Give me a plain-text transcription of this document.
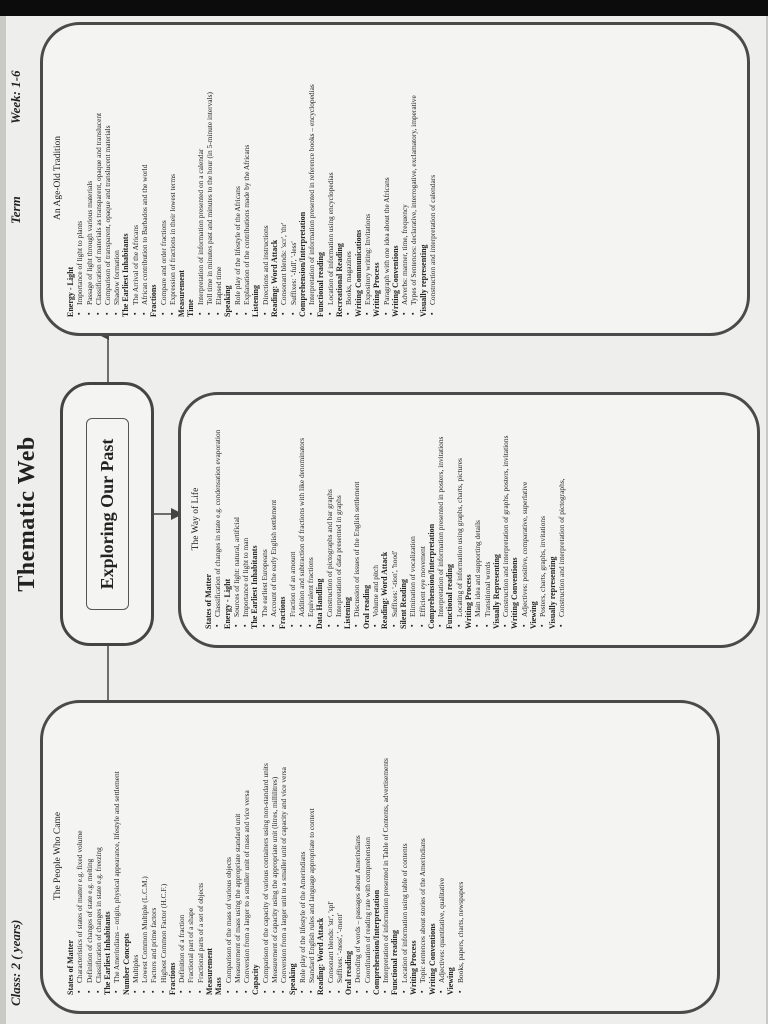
Class: 2 ( years)
Week: 1-6
Term
Thematic Web	Exploring Our Past
The People Who Came

States of Matter ▪ Characteristics of states of matter e.g. fixed volume ▪ Definition of changes of state e.g. melting ▪ Classification of changes in state e.g. freezing The Earliest Inhabitants ▪ The Amerindians – origin, physical appearance, lifestyle and settlement Number Concepts ▪ Multiples ▪ Lowest Common Multiple (L.C.M.) ▪ Factors and prime factors ▪ Highest Common Factor (H.C.F.) Fractions ▪ Definition of a fraction ▪ Fractional part of a shape ▪ Fractional parts of a set of objects Measurement Mass

▪ Comparison of the mass of various objects ▪ Measurement of mass using the appropriate standard unit ▪ Conversion from a larger to a smaller unit of mass and vice versa Capacity ▪ Comparison of the capacity of various containers using non-standard units ▪ Measurement of capacity using the appropriate unit (litres, millilitres) ▪ Conversion from a larger unit to a smaller unit of capacity and vice versa Speaking ▪ Role play of the lifestyle of the Amerindians ▪ Standard English rules and language appropriate to context Reading: Word Attack ▪ Consonant blends: 'str', 'spl' ▪ Suffixes: '-ness', '-ment' Oral reading ▪ Decoding of words – passages about Amerindians ▪ Coordination of reading rate with comprehension Comprehension/Interpretation ▪ Interpretation of information presented in Table of Contents, advertisements Functional reading ▪ Location of information using table of contents Writing Process ▪ Topic sentences about stories of the Amerindians Writing Conventions ▪ Adjectives: quantitative, qualitative Viewing ▪ Books, papers, charts, newspapers
The Way of Life

States of Matter ▪ Classification of changes in state e.g. condensation evaporation Energy - Light ▪ Sources of light: natural, artificial ▪ Importance of light to man The Earliest Inhabitants ▪ The earliest Europeans ▪ Account of the early English settlement Fractions ▪ Fraction of an amount ▪ Addition and subtraction of fractions with like denominators ▪ Equivalent fractions Data Handling ▪ Construction of pictographs and bar graphs ▪ Interpretation of data presented in graphs Listening ▪ Discussion of issues of the English settlement Oral reading ▪ Volume and pitch Reading: Word Attack ▪ Suffixes: '-tion', 'hood' Silent Reading ▪ Elimination of vocalization ▪ Efficient eye movement Comprehension/Interpretation ▪ Interpretation of information presented in posters, invitations Functional reading ▪ Locating of information using graphs, charts, pictures Writing Process ▪ Main idea and supporting details ▪ Transitional words Visually Representing ▪ Construction and interpretation of graphs, posters, invitations Writing Conventions ▪ Adjectives: positive, comparative, superlative Viewing ▪ Posters, charts, graphs, invitations Visually representing ▪ Construction and interpretation of pictographs,
An Age-Old Tradition

Energy - Light ▪ Importance of light to plants ▪ Passage of light through various materials ▪ Classification of materials as transparent, opaque and translucent ▪ Comparison of transparent, opaque and translucent materials ▪ Shadow formation The Earliest Inhabitants ▪ The Arrival of the Africans ▪ African contribution to Barbados and the world Fractions ▪ Compare and order fractions ▪ Expression of fractions in their lowest terms Measurement Time

▪ Interpretation of information presented on a calendar ▪ Tell time in minutes past and minutes to the hour (in 5-minute intervals) ▪ Elapsed time Speaking ▪ Role play of the lifestyle of the Africans ▪ Explanation of the contributions made by the Africans Listening ▪ Directions and instructions Reading: Word Attack ▪ Consonant blends: 'scr', 'thr' ▪ Suffixes: '-full', '-less' Comprehension/Interpretation ▪ Interpretation of information presented in reference books – encyclopedias Functional reading ▪ Location of information using encyclopedias Recreational Reading ▪ Books, magazines Writing Communications ▪ Expository writing: Invitations Writing Process ▪ Paragraph with one idea about the Africans Writing Conventions ▪ Adverbs: manner, time, frequency ▪ Types of Sentences: declarative, interrogative, exclamatory, imperative Visually representing ▪ Construction and interpretation of calendars
